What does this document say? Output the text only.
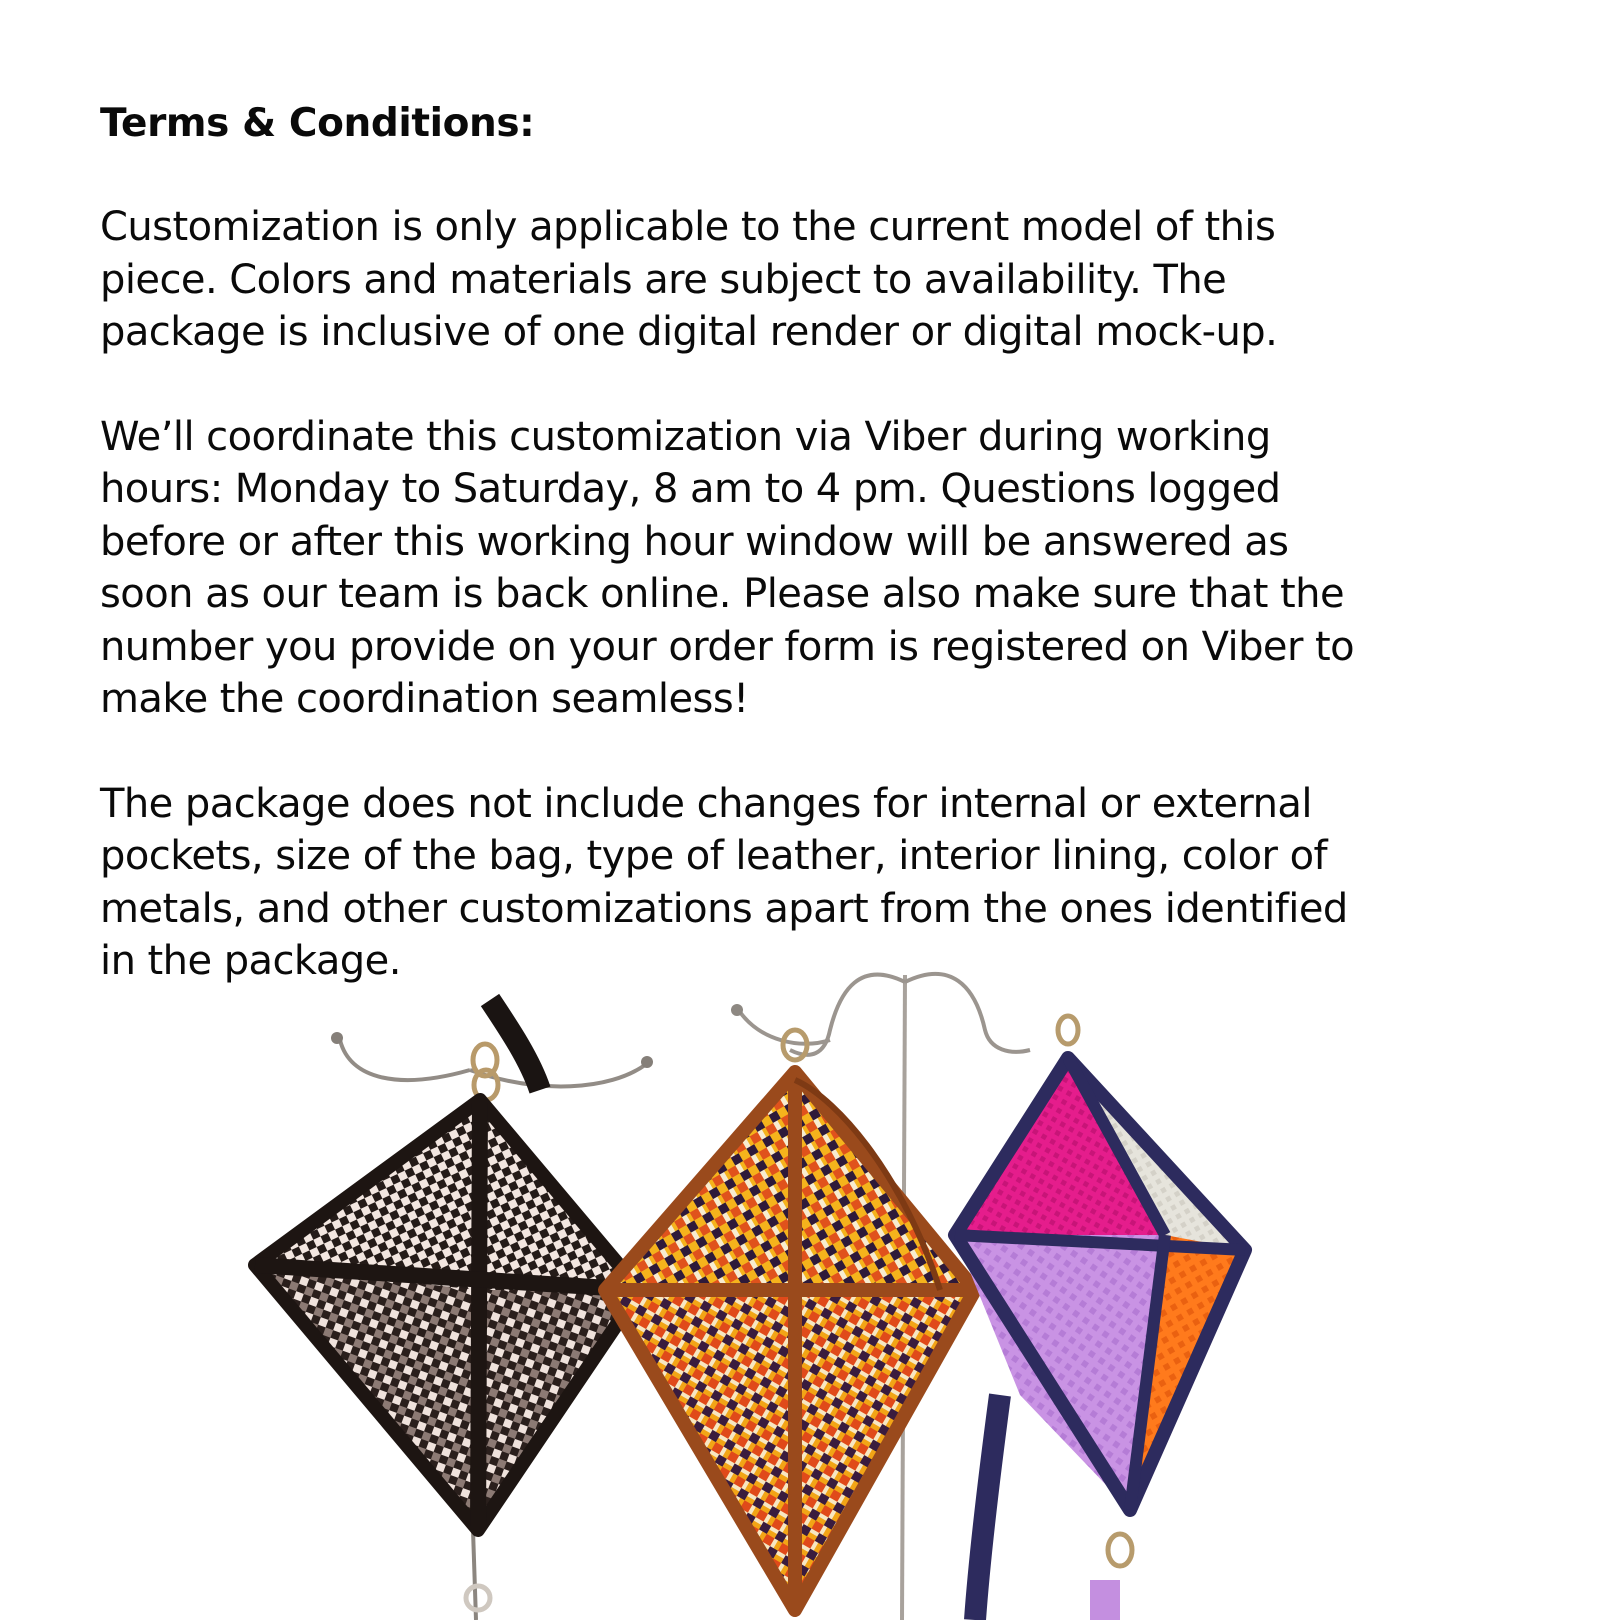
Terms & Conditions:

Customization is only applicable to the current model of this
piece. Colors and materials are subject to availability. The
package is inclusive of one digital render or digital mock-up.

We’ll coordinate this customization via Viber during working
hours: Monday to Saturday, 8 am to 4 pm. Questions logged
before or after this working hour window will be answered as
soon as our team is back online. Please also make sure that the
number you provide on your order form is registered on Viber to
make the coordination seamless!

The package does not include changes for internal or external
pockets, size of the bag, type of leather, interior lining, color of
metals, and other customizations apart from the ones identified
in the package.
